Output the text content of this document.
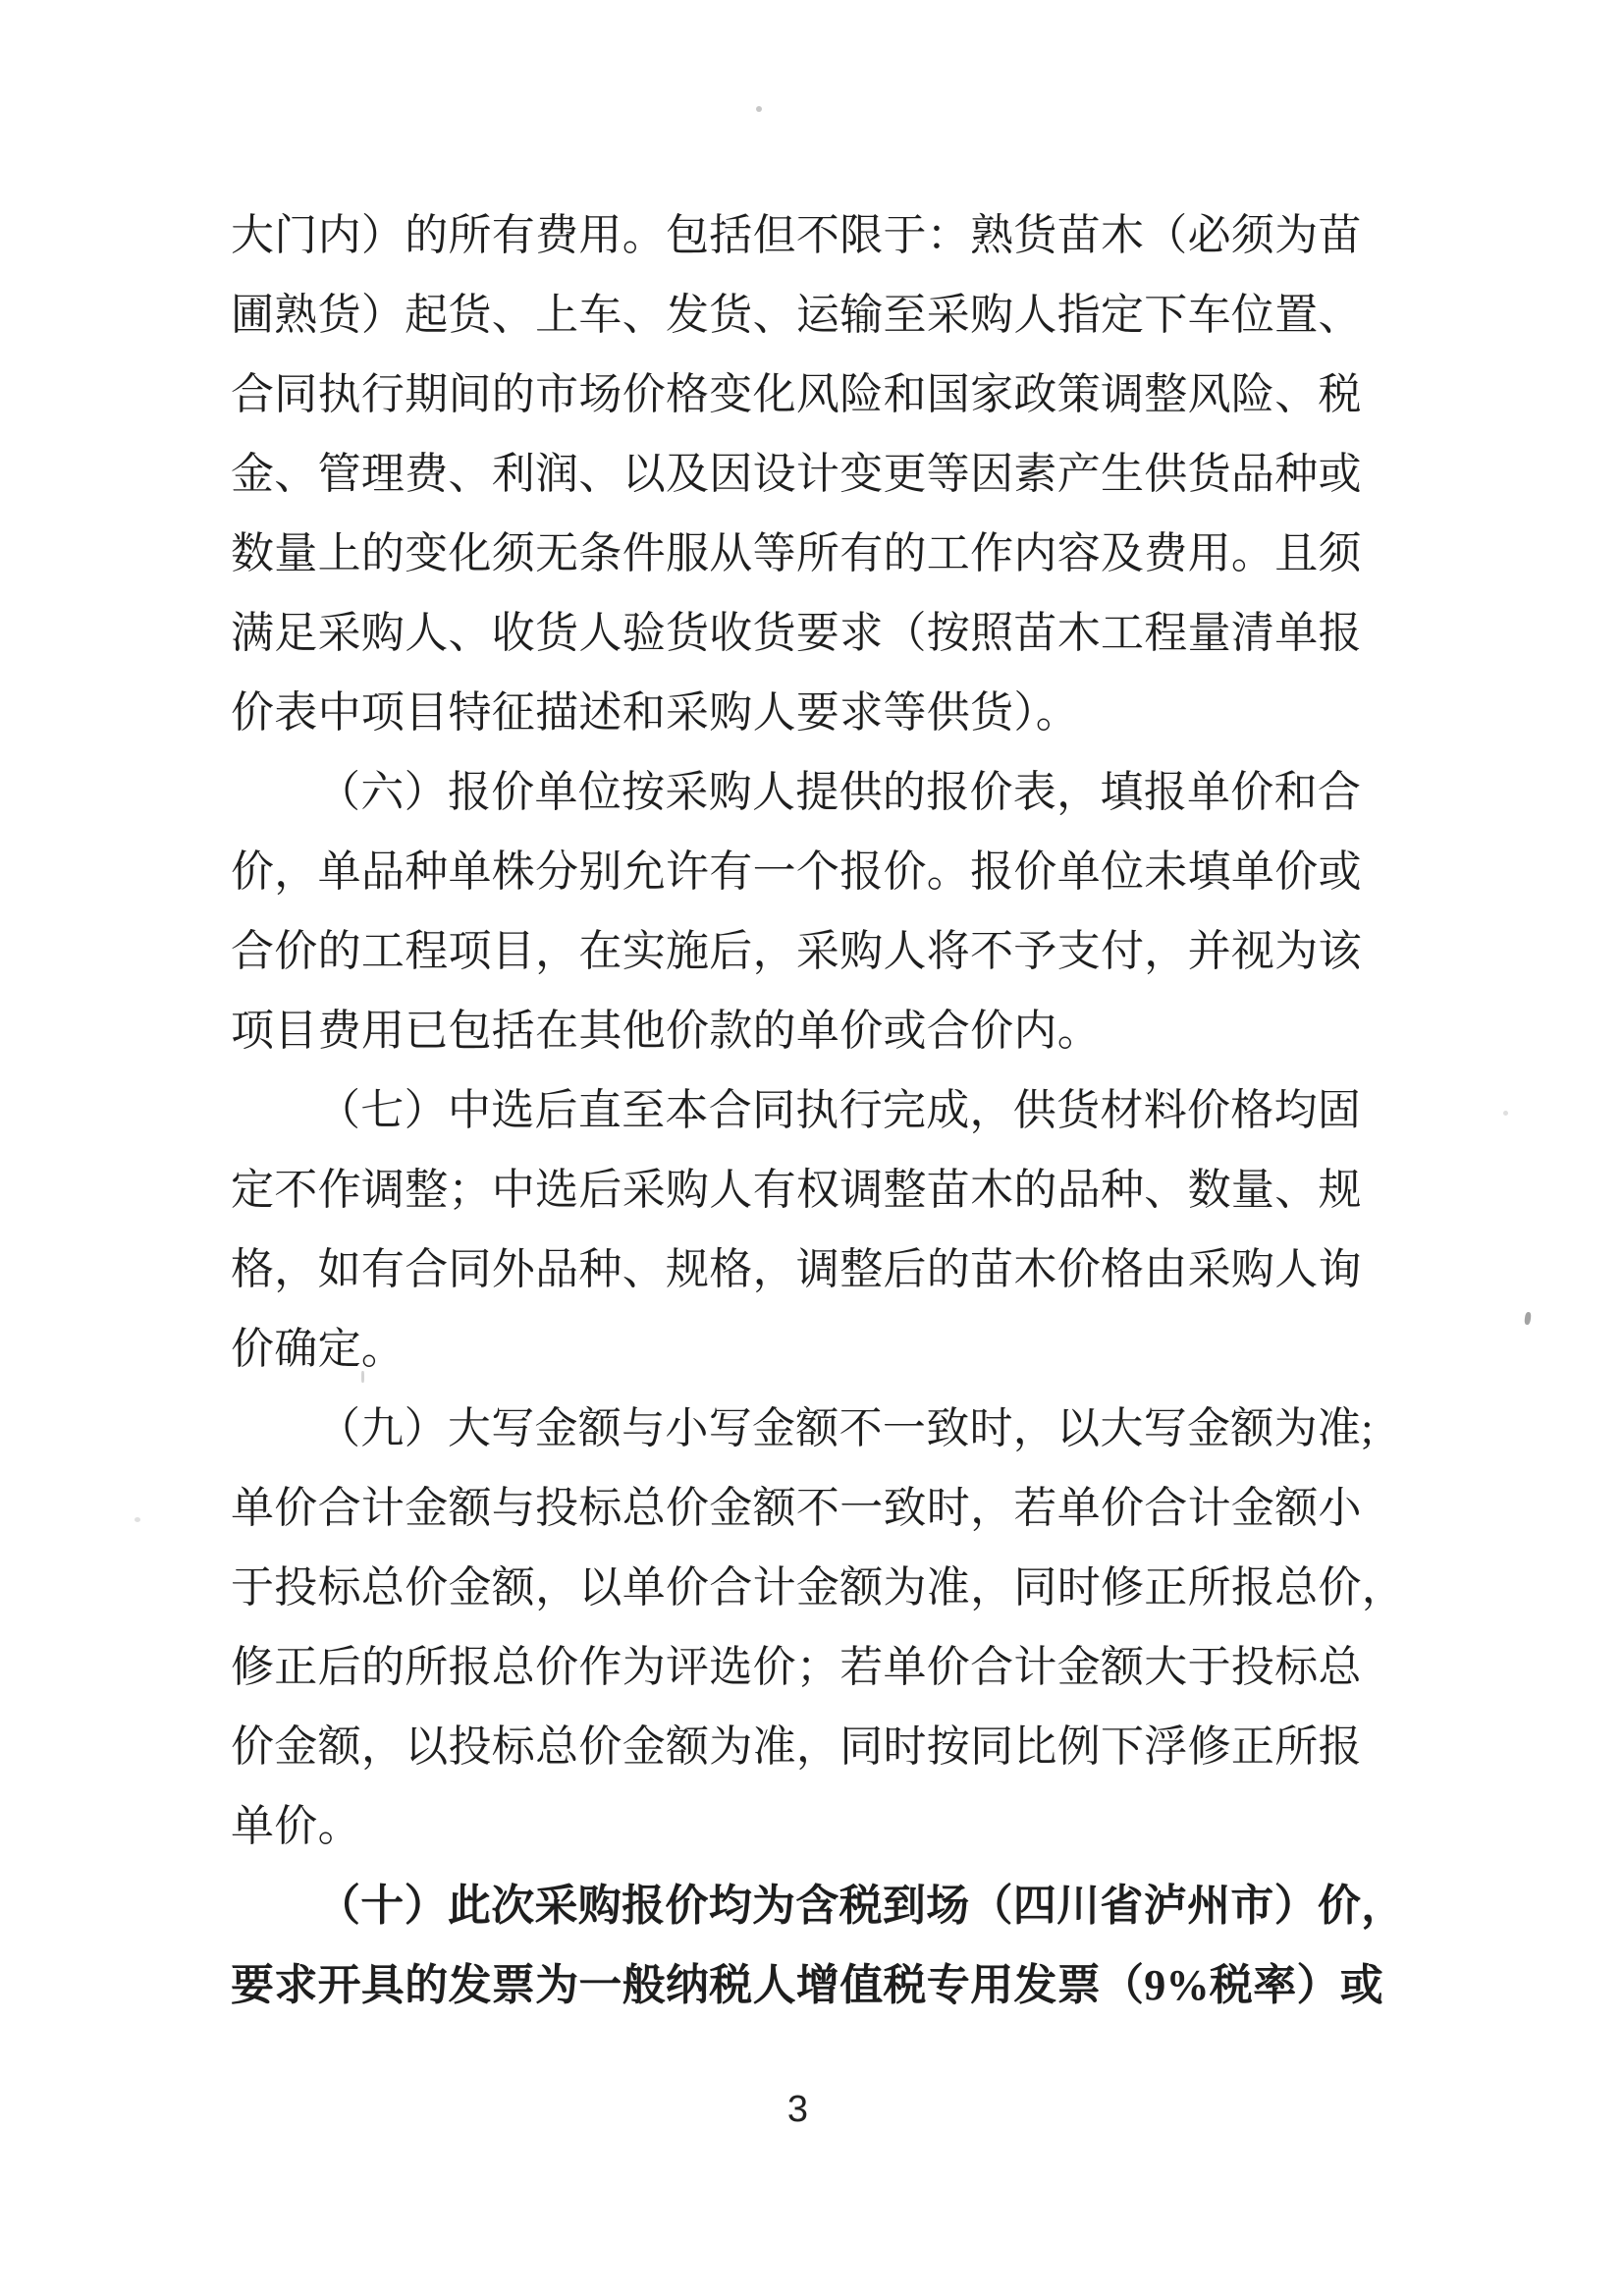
大门内）的所有费用。包括但不限于：熟货苗木（必须为苗
圃熟货）起货、上车、发货、运输至采购人指定下车位置、
合同执行期间的市场价格变化风险和国家政策调整风险、税
金、管理费、利润、以及因设计变更等因素产生供货品种或
数量上的变化须无条件服从等所有的工作内容及费用。且须
满足采购人、收货人验货收货要求（按照苗木工程量清单报
价表中项目特征描述和采购人要求等供货）。
（六）报价单位按采购人提供的报价表，填报单价和合
价，单品种单株分别允许有一个报价。报价单位未填单价或
合价的工程项目，在实施后，采购人将不予支付，并视为该
项目费用已包括在其他价款的单价或合价内。
（七）中选后直至本合同执行完成，供货材料价格均固
定不作调整；中选后采购人有权调整苗木的品种、数量、规
格，如有合同外品种、规格，调整后的苗木价格由采购人询
价确定。
（九）大写金额与小写金额不一致时，以大写金额为准;
单价合计金额与投标总价金额不一致时，若单价合计金额小
于投标总价金额，以单价合计金额为准，同时修正所报总价，
修正后的所报总价作为评选价；若单价合计金额大于投标总
价金额，以投标总价金额为准，同时按同比例下浮修正所报
单价。
（十）此次采购报价均为含税到场（四川省泸州市）价，
要求开具的发票为一般纳税人增值税专用发票（9%税率）或
3
